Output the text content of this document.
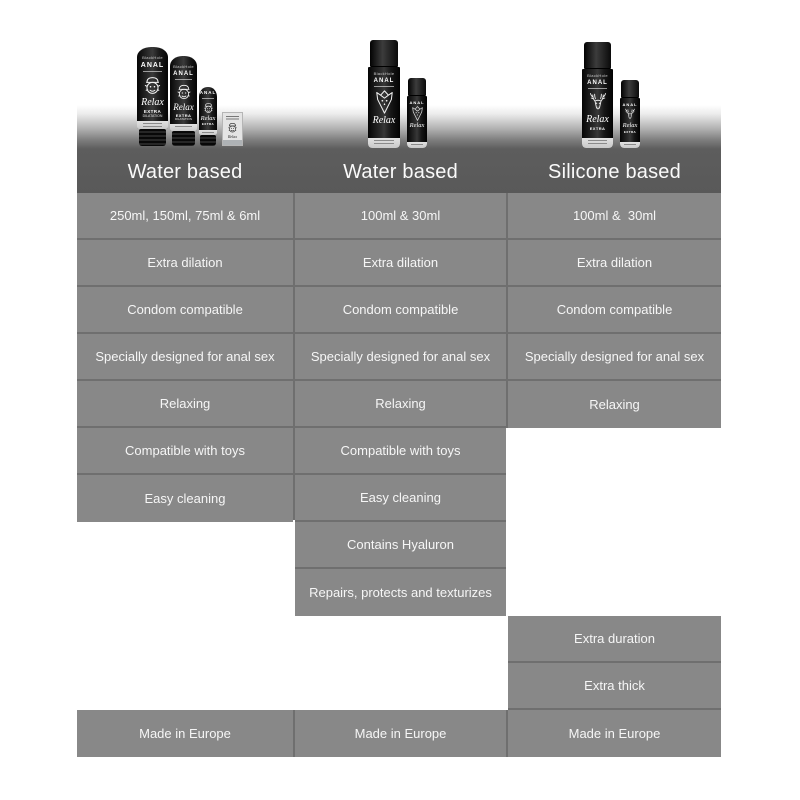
BlackHole
ANAL
Relax
EXTRA
DILATATION
BlackHole
ANAL
Relax
EXTRA
DILATATION
ANAL
Relax
EXTRA
Relax
BlackHole
ANAL
Relax
ANAL
Relax
BlackHole
ANAL
Relax
EXTRA
ANAL
Relax
EXTRA
Water based	Water based	Silicone based
250ml, 150ml, 75ml & 6ml
Extra dilation
Condom compatible
Specially designed for anal sex
Relaxing
Compatible with toys
Easy cleaning
Made in Europe
100ml & 30ml
Extra dilation
Condom compatible
Specially designed for anal sex
Relaxing
Compatible with toys
Easy cleaning
Contains Hyaluron
Repairs, protects and texturizes
Made in Europe
100ml &  30ml
Extra dilation
Condom compatible
Specially designed for anal sex
Relaxing
Extra duration
Extra thick
Made in Europe
